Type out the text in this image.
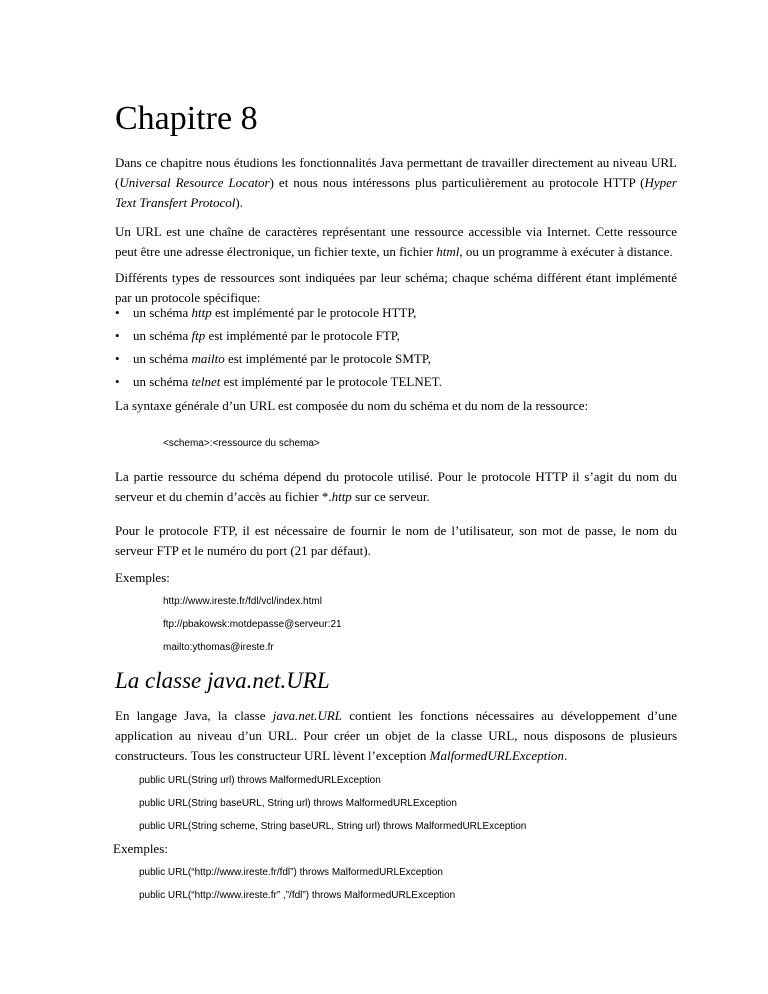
Chapitre 8

Dans ce chapitre nous étudions les fonctionnalités Java permettant de travailler directement au niveau URL (Universal Resource Locator) et nous nous intéressons plus particulièrement au protocole HTTP (Hyper Text Transfert Protocol).

Un URL est une chaîne de caractères représentant une ressource accessible via Internet. Cette ressource peut être une adresse électronique, un fichier texte, un fichier html, ou un programme à exécuter à distance.

Différents types de ressources sont indiquées par leur schéma; chaque schéma différent étant implémenté par un protocole spécifique:

• un schéma http est implémenté par le protocole HTTP,
• un schéma ftp est implémenté par le protocole FTP,
• un schéma mailto est implémenté par le protocole SMTP,
• un schéma telnet est implémenté par le protocole TELNET.

La syntaxe générale d’un URL est composée du nom du schéma et du nom de la ressource:

<schema>:<ressource du schema>

La partie ressource du schéma dépend du protocole utilisé. Pour le protocole HTTP il s’agit du nom du serveur et du chemin d’accès au fichier *.http sur ce serveur.

Pour le protocole FTP, il est nécessaire de fournir le nom de l’utilisateur, son mot de passe, le nom du serveur FTP et le numéro du port (21 par défaut).

Exemples:

http://www.ireste.fr/fdl/vcl/index.html
ftp://pbakowsk:motdepasse@serveur:21
mailto:ythomas@ireste.fr
La classe java.net.URL

En langage Java, la classe java.net.URL contient les fonctions nécessaires au développement d’une application au niveau d’un URL. Pour créer un objet de la classe URL, nous disposons de plusieurs constructeurs. Tous les constructeur URL lèvent l’exception MalformedURLException.

public URL(String url) throws MalformedURLException
public URL(String baseURL, String url) throws MalformedURLException
public URL(String scheme, String baseURL, String url) throws MalformedURLException

Exemples:

public URL(“http://www.ireste.fr/fdl”) throws MalformedURLException
public URL(“http://www.ireste.fr” ,”/fdl”) throws MalformedURLException
